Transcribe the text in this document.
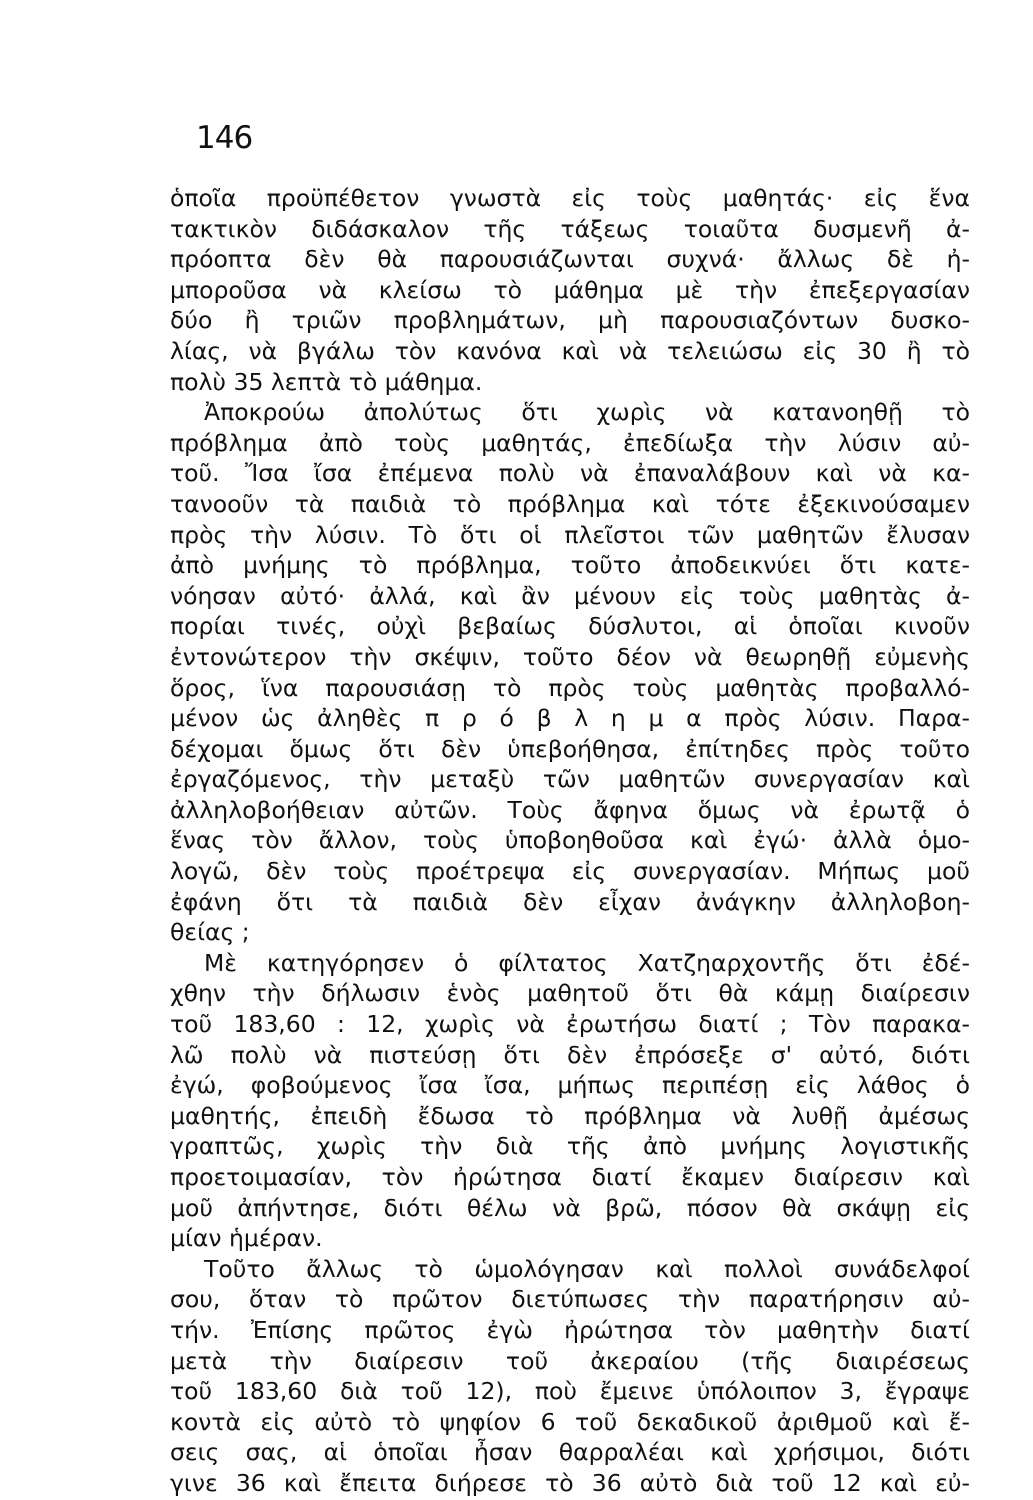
146
ὁποῖα προϋπέθετον γνωστὰ εἰς τοὺς μαθητάς· εἰς ἕνα
τακτικὸν διδάσκαλον τῆς τάξεως τοιαῦτα δυσμενῆ ἀ-
πρόοπτα δὲν θὰ παρουσιάζωνται συχνά· ἄλλως δὲ ἠ-
μποροῦσα νὰ κλείσω τὸ μάθημα μὲ τὴν ἐπεξεργασίαν
δύο ἢ τριῶν προβλημάτων, μὴ παρουσιαζόντων δυσκο-
λίας, νὰ βγάλω τὸν κανόνα καὶ νὰ τελειώσω εἰς 30 ἢ τὸ
πολὺ 35 λεπτὰ τὸ μάθημα.
Ἀποκρούω ἀπολύτως ὅτι χωρὶς νὰ κατανοηθῇ τὸ
πρόβλημα ἀπὸ τοὺς μαθητάς, ἐπεδίωξα τὴν λύσιν αὐ-
τοῦ. Ἴσα ἴσα ἐπέμενα πολὺ νὰ ἐπαναλάβουν καὶ νὰ κα-
τανοοῦν τὰ παιδιὰ τὸ πρόβλημα καὶ τότε ἐξεκινούσαμεν
πρὸς τὴν λύσιν. Τὸ ὅτι οἱ πλεῖστοι τῶν μαθητῶν ἔλυσαν
ἀπὸ μνήμης τὸ πρόβλημα, τοῦτο ἀποδεικνύει ὅτι κατε-
νόησαν αὐτό· ἀλλά, καὶ ἂν μένουν εἰς τοὺς μαθητὰς ἀ-
πορίαι τινές, οὐχὶ βεβαίως δύσλυτοι, αἱ ὁποῖαι κινοῦν
ἐντονώτερον τὴν σκέψιν, τοῦτο δέον νὰ θεωρηθῇ εὐμενὴς
ὅρος, ἵνα παρουσιάσῃ τὸ πρὸς τοὺς μαθητὰς προβαλλό-
μένον ὡς ἀληθὲς π ρ ό β λ η μ α πρὸς λύσιν. Παρα-
δέχομαι ὅμως ὅτι δὲν ὑπεβοήθησα, ἐπίτηδες πρὸς τοῦτο
ἐργαζόμενος, τὴν μεταξὺ τῶν μαθητῶν συνεργασίαν καὶ
ἀλληλοβοήθειαν αὐτῶν. Τοὺς ἄφηνα ὅμως νὰ ἐρωτᾷ ὁ
ἕνας τὸν ἄλλον, τοὺς ὑποβοηθοῦσα καὶ ἐγώ· ἀλλὰ ὁμο-
λογῶ, δὲν τοὺς προέτρεψα εἰς συνεργασίαν. Μήπως μοῦ
ἐφάνη ὅτι τὰ παιδιὰ δὲν εἶχαν ἀνάγκην ἀλληλοβοη-
θείας ;
Μὲ κατηγόρησεν ὁ φίλτατος Χατζηαρχοντῆς ὅτι ἐδέ-
χθην τὴν δήλωσιν ἑνὸς μαθητοῦ ὅτι θὰ κάμῃ διαίρεσιν
τοῦ 183,60 : 12, χωρὶς νὰ ἐρωτήσω διατί ; Τὸν παρακα-
λῶ πολὺ νὰ πιστεύσῃ ὅτι δὲν ἐπρόσεξε σ' αὐτό, διότι
ἐγώ, φοβούμενος ἴσα ἴσα, μήπως περιπέσῃ εἰς λάθος ὁ
μαθητής, ἐπειδὴ ἔδωσα τὸ πρόβλημα νὰ λυθῇ ἀμέσως
γραπτῶς, χωρὶς τὴν διὰ τῆς ἀπὸ μνήμης λογιστικῆς
προετοιμασίαν, τὸν ἠρώτησα διατί ἔκαμεν διαίρεσιν καὶ
μοῦ ἀπήντησε, διότι θέλω νὰ βρῶ, πόσον θὰ σκάψῃ εἰς
μίαν ἡμέραν.
Τοῦτο ἄλλως τὸ ὡμολόγησαν καὶ πολλοὶ συνάδελφοί
σου, ὅταν τὸ πρῶτον διετύπωσες τὴν παρατήρησιν αὐ-
τήν. Ἐπίσης πρῶτος ἐγὼ ἠρώτησα τὸν μαθητὴν διατί
μετὰ τὴν διαίρεσιν τοῦ ἀκεραίου (τῆς διαιρέσεως
τοῦ 183,60 διὰ τοῦ 12), ποὺ ἔμεινε ὑπόλοιπον 3, ἔγραψε
κοντὰ εἰς αὐτὸ τὸ ψηφίον 6 τοῦ δεκαδικοῦ ἀριθμοῦ καὶ ἔ-
σεις σας, αἱ ὁποῖαι ἦσαν θαρραλέαι καὶ χρήσιμοι, διότι
γινε 36 καὶ ἔπειτα διήρεσε τὸ 36 αὐτὸ διὰ τοῦ 12 καὶ εὐ-
